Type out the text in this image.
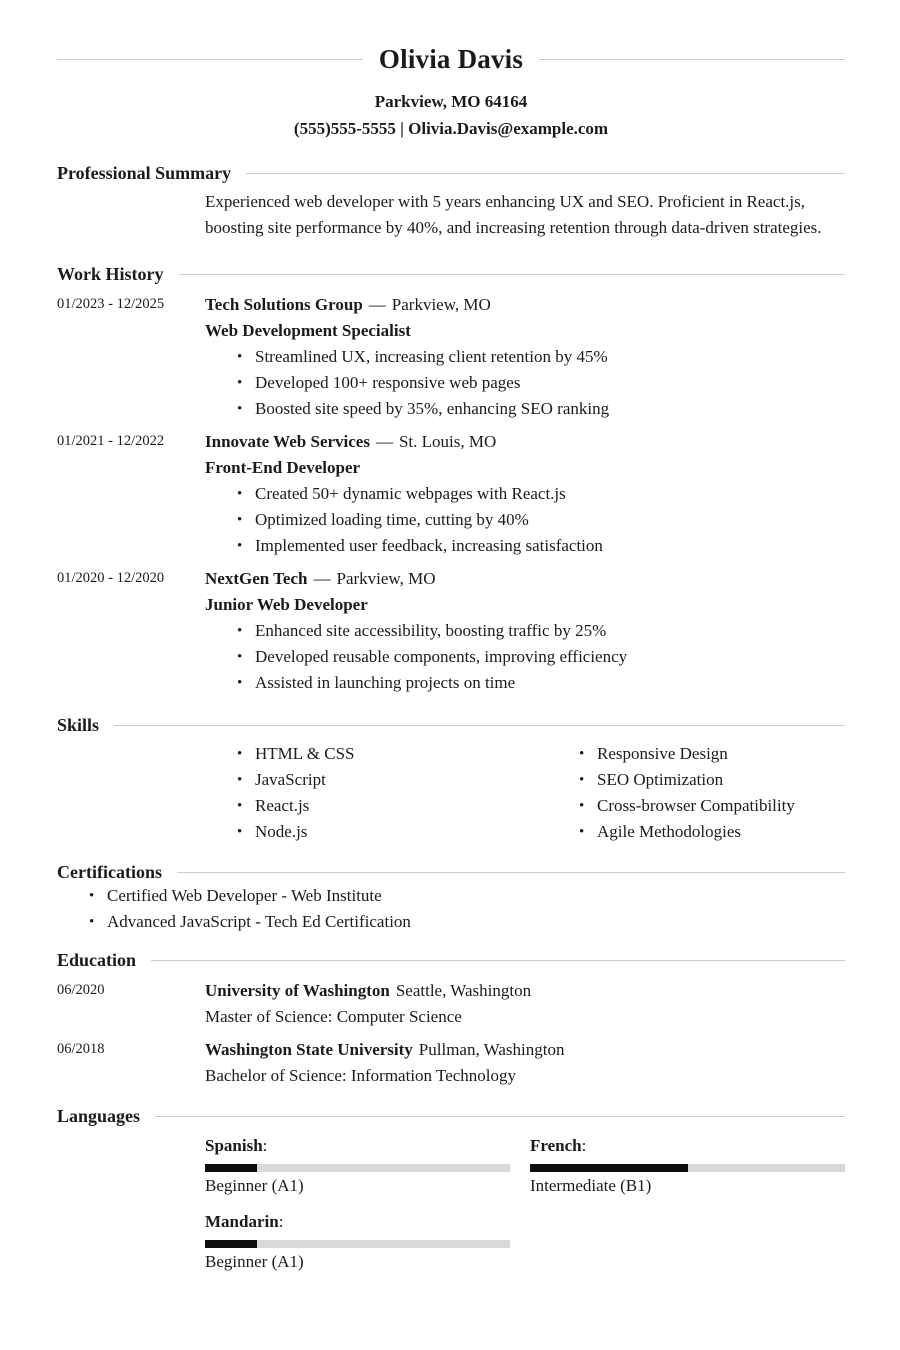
Olivia Davis
Parkview, MO 64164
(555)555-5555 | Olivia.Davis@example.com
Professional Summary
Experienced web developer with 5 years enhancing UX and SEO. Proficient in React.js, boosting site performance by 40%, and increasing retention through data-driven strategies.
Work History
01/2023 - 12/2025	Tech Solutions Group — Parkview, MO
Web Development Specialist
• Streamlined UX, increasing client retention by 45%
• Developed 100+ responsive web pages
• Boosted site speed by 35%, enhancing SEO ranking
01/2021 - 12/2022	Innovate Web Services — St. Louis, MO
Front-End Developer
• Created 50+ dynamic webpages with React.js
• Optimized loading time, cutting by 40%
• Implemented user feedback, increasing satisfaction
01/2020 - 12/2020	NextGen Tech — Parkview, MO
Junior Web Developer
• Enhanced site accessibility, boosting traffic by 25%
• Developed reusable components, improving efficiency
• Assisted in launching projects on time
Skills
• HTML & CSS
• JavaScript
• React.js
• Node.js
• Responsive Design
• SEO Optimization
• Cross-browser Compatibility
• Agile Methodologies
Certifications
• Certified Web Developer - Web Institute
• Advanced JavaScript - Tech Ed Certification
Education
06/2020	University of Washington Seattle, Washington
Master of Science: Computer Science
06/2018	Washington State University Pullman, Washington
Bachelor of Science: Information Technology
Languages
Spanish:
Beginner (A1)
French:
Intermediate (B1)
Mandarin:
Beginner (A1)
